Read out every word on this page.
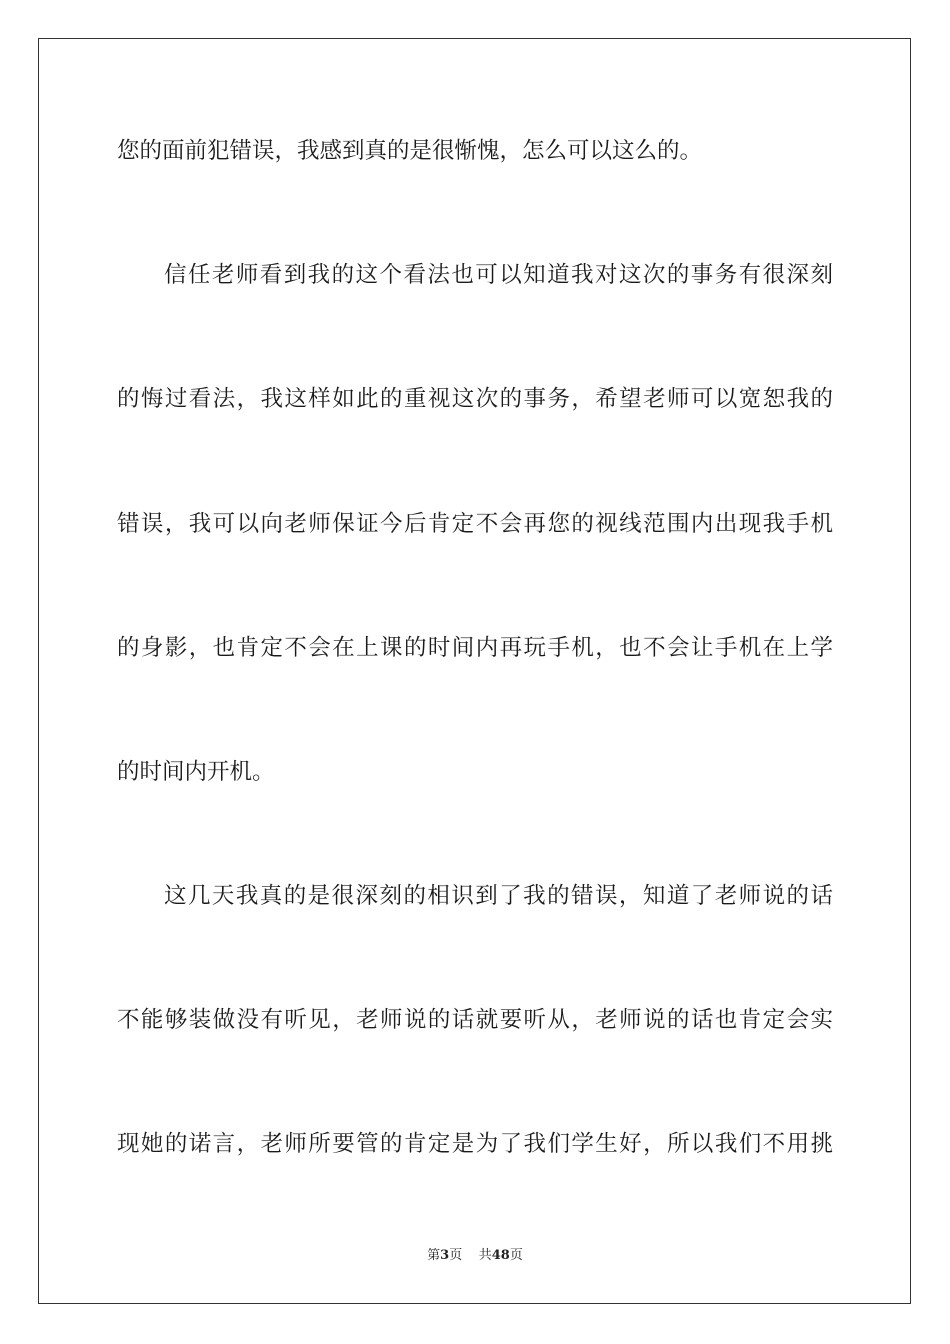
您的面前犯错误，我感到真的是很惭愧，怎么可以这么的。
信任老师看到我的这个看法也可以知道我对这次的事务有很深刻
的悔过看法，我这样如此的重视这次的事务，希望老师可以宽恕我的
错误，我可以向老师保证今后肯定不会再您的视线范围内出现我手机
的身影，也肯定不会在上课的时间内再玩手机，也不会让手机在上学
的时间内开机。
这几天我真的是很深刻的相识到了我的错误，知道了老师说的话
不能够装做没有听见，老师说的话就要听从，老师说的话也肯定会实
现她的诺言，老师所要管的肯定是为了我们学生好，所以我们不用挑
第3页 共48页
